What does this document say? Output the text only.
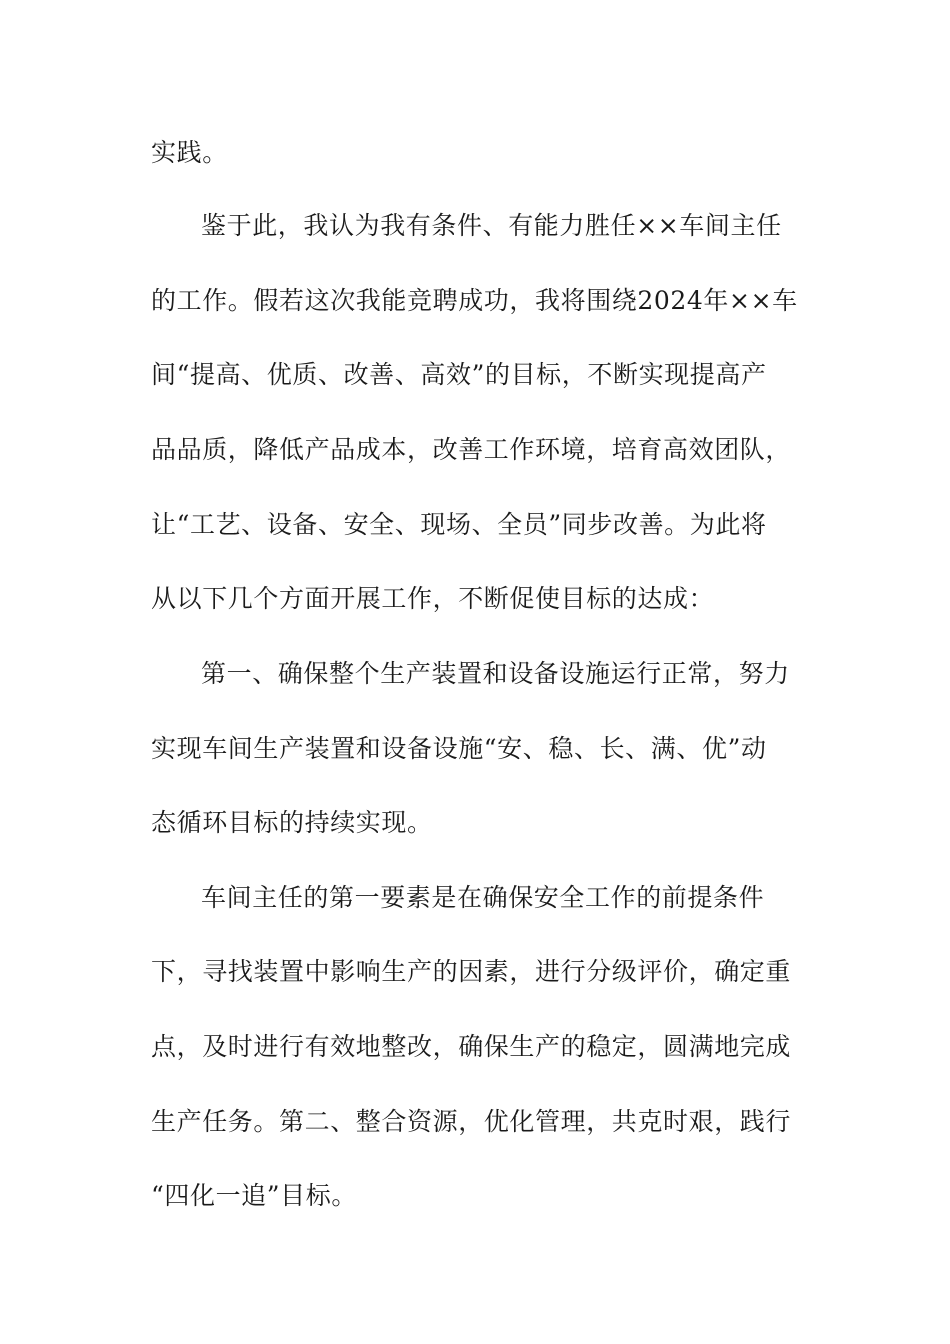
实践。
鉴于此，我认为我有条件、有能力胜任××车间主任
的工作。假若这次我能竞聘成功，我将围绕2024年××车
间“提高、优质、改善、高效”的目标，不断实现提高产
品品质，降低产品成本，改善工作环境，培育高效团队，
让“工艺、设备、安全、现场、全员”同步改善。为此将
从以下几个方面开展工作，不断促使目标的达成：
第一、确保整个生产装置和设备设施运行正常，努力
实现车间生产装置和设备设施“安、稳、长、满、优”动
态循环目标的持续实现。
车间主任的第一要素是在确保安全工作的前提条件
下，寻找装置中影响生产的因素，进行分级评价，确定重
点，及时进行有效地整改，确保生产的稳定，圆满地完成
生产任务。第二、整合资源，优化管理，共克时艰，践行
“四化一追”目标。
